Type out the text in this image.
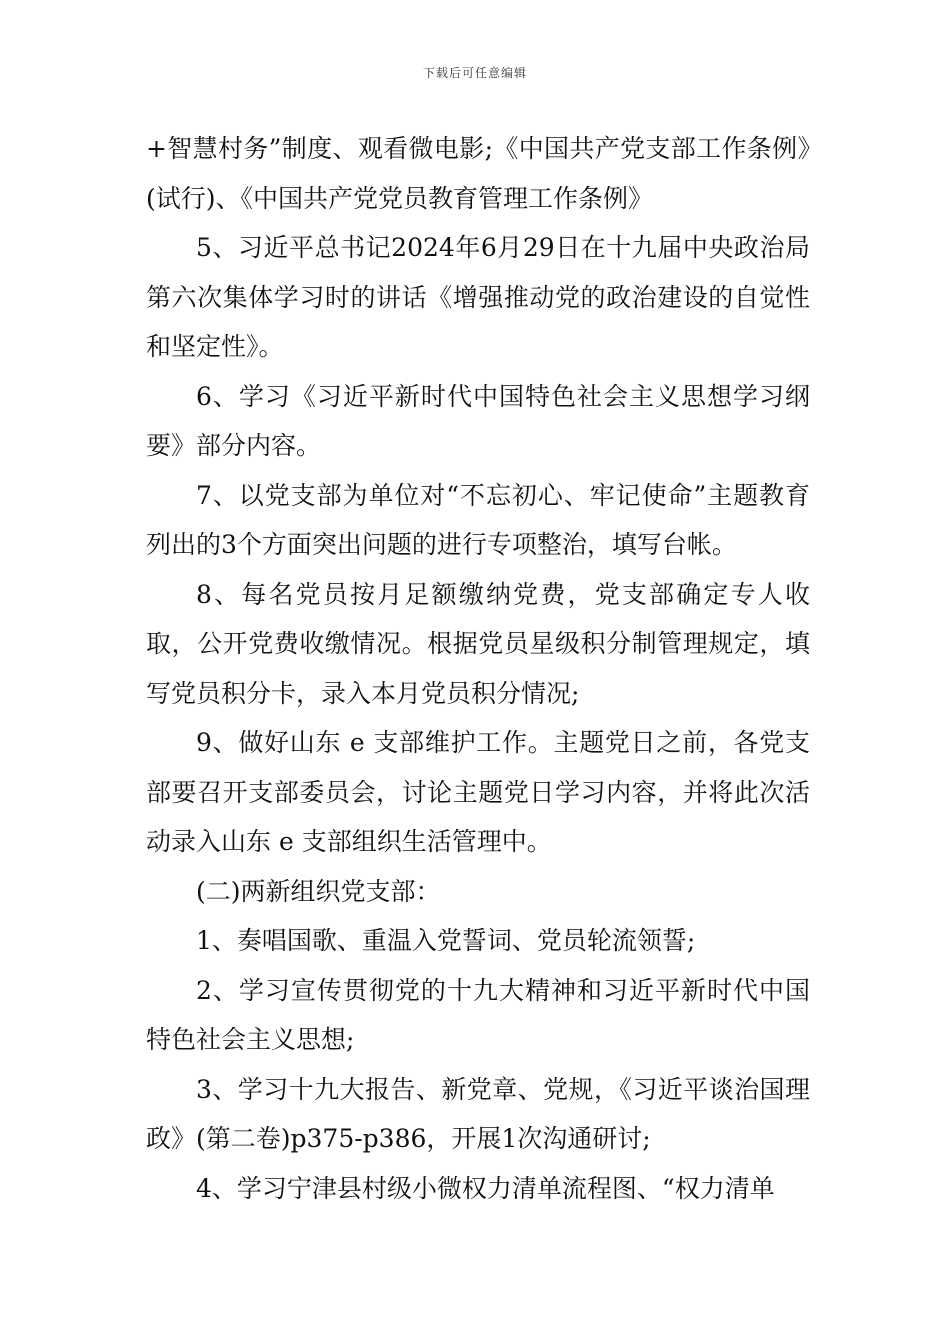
下载后可任意编辑

+智慧村务”制度、观看微电影;《中国共产党支部工作条例》(试行)、《中国共产党党员教育管理工作条例》

5、习近平总书记2024年6月29日在十九届中央政治局第六次集体学习时的讲话《增强推动党的政治建设的自觉性和坚定性》。

6、学习《习近平新时代中国特色社会主义思想学习纲要》部分内容。

7、以党支部为单位对“不忘初心、牢记使命”主题教育列出的3个方面突出问题的进行专项整治，填写台帐。

8、每名党员按月足额缴纳党费，党支部确定专人收取，公开党费收缴情况。根据党员星级积分制管理规定，填写党员积分卡，录入本月党员积分情况;

9、做好山东 e 支部维护工作。主题党日之前，各党支部要召开支部委员会，讨论主题党日学习内容，并将此次活动录入山东 e 支部组织生活管理中。

(二)两新组织党支部：

1、奏唱国歌、重温入党誓词、党员轮流领誓;

2、学习宣传贯彻党的十九大精神和习近平新时代中国特色社会主义思想;

3、学习十九大报告、新党章、党规，《习近平谈治国理政》(第二卷)p375-p386，开展1次沟通研讨;

4、学习宁津县村级小微权力清单流程图、“权力清单
